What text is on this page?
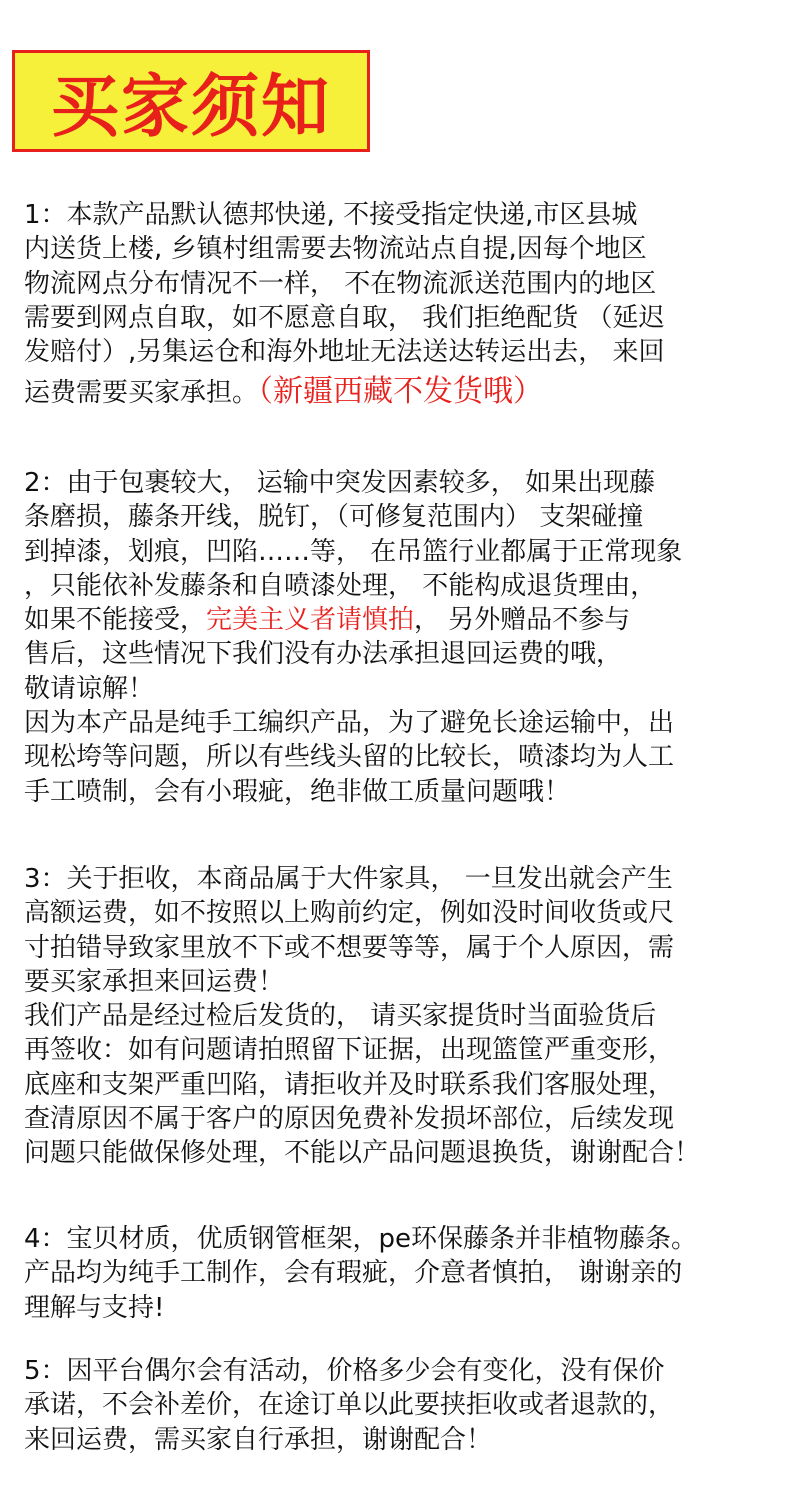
买家须知
1：本款产品默认德邦快递, 不接受指定快递,市区县城
内送货上楼, 乡镇村组需要去物流站点自提,因每个地区
物流网点分布情况不一样， 不在物流派送范围内的地区
需要到网点自取，如不愿意自取， 我们拒绝配货 （延迟
发赔付）,另集运仓和海外地址无法送达转运出去， 来回
运费需要买家承担。（新疆西藏不发货哦）
2：由于包裹较大， 运输中突发因素较多， 如果出现藤
条磨损，藤条开线，脱钉，（可修复范围内） 支架碰撞
到掉漆，划痕，凹陷……等， 在吊篮行业都属于正常现象
，只能依补发藤条和自喷漆处理， 不能构成退货理由，
如果不能接受，完美主义者请慎拍， 另外赠品不参与
售后，这些情况下我们没有办法承担退回运费的哦，
敬请谅解！
因为本产品是纯手工编织产品，为了避免长途运输中，出
现松垮等问题，所以有些线头留的比较长，喷漆均为人工
手工喷制，会有小瑕疵，绝非做工质量问题哦！
3：关于拒收，本商品属于大件家具， 一旦发出就会产生
高额运费，如不按照以上购前约定，例如没时间收货或尺
寸拍错导致家里放不下或不想要等等，属于个人原因，需
要买家承担来回运费！
我们产品是经过检后发货的， 请买家提货时当面验货后
再签收：如有问题请拍照留下证据，出现篮筐严重变形，
底座和支架严重凹陷，请拒收并及时联系我们客服处理，
查清原因不属于客户的原因免费补发损坏部位，后续发现
问题只能做保修处理，不能以产品问题退换货，谢谢配合！
4：宝贝材质，优质钢管框架，pe环保藤条并非植物藤条。
产品均为纯手工制作，会有瑕疵，介意者慎拍， 谢谢亲的
理解与支持!
5：因平台偶尔会有活动，价格多少会有变化，没有保价
承诺，不会补差价，在途订单以此要挟拒收或者退款的，
来回运费，需买家自行承担，谢谢配合！
